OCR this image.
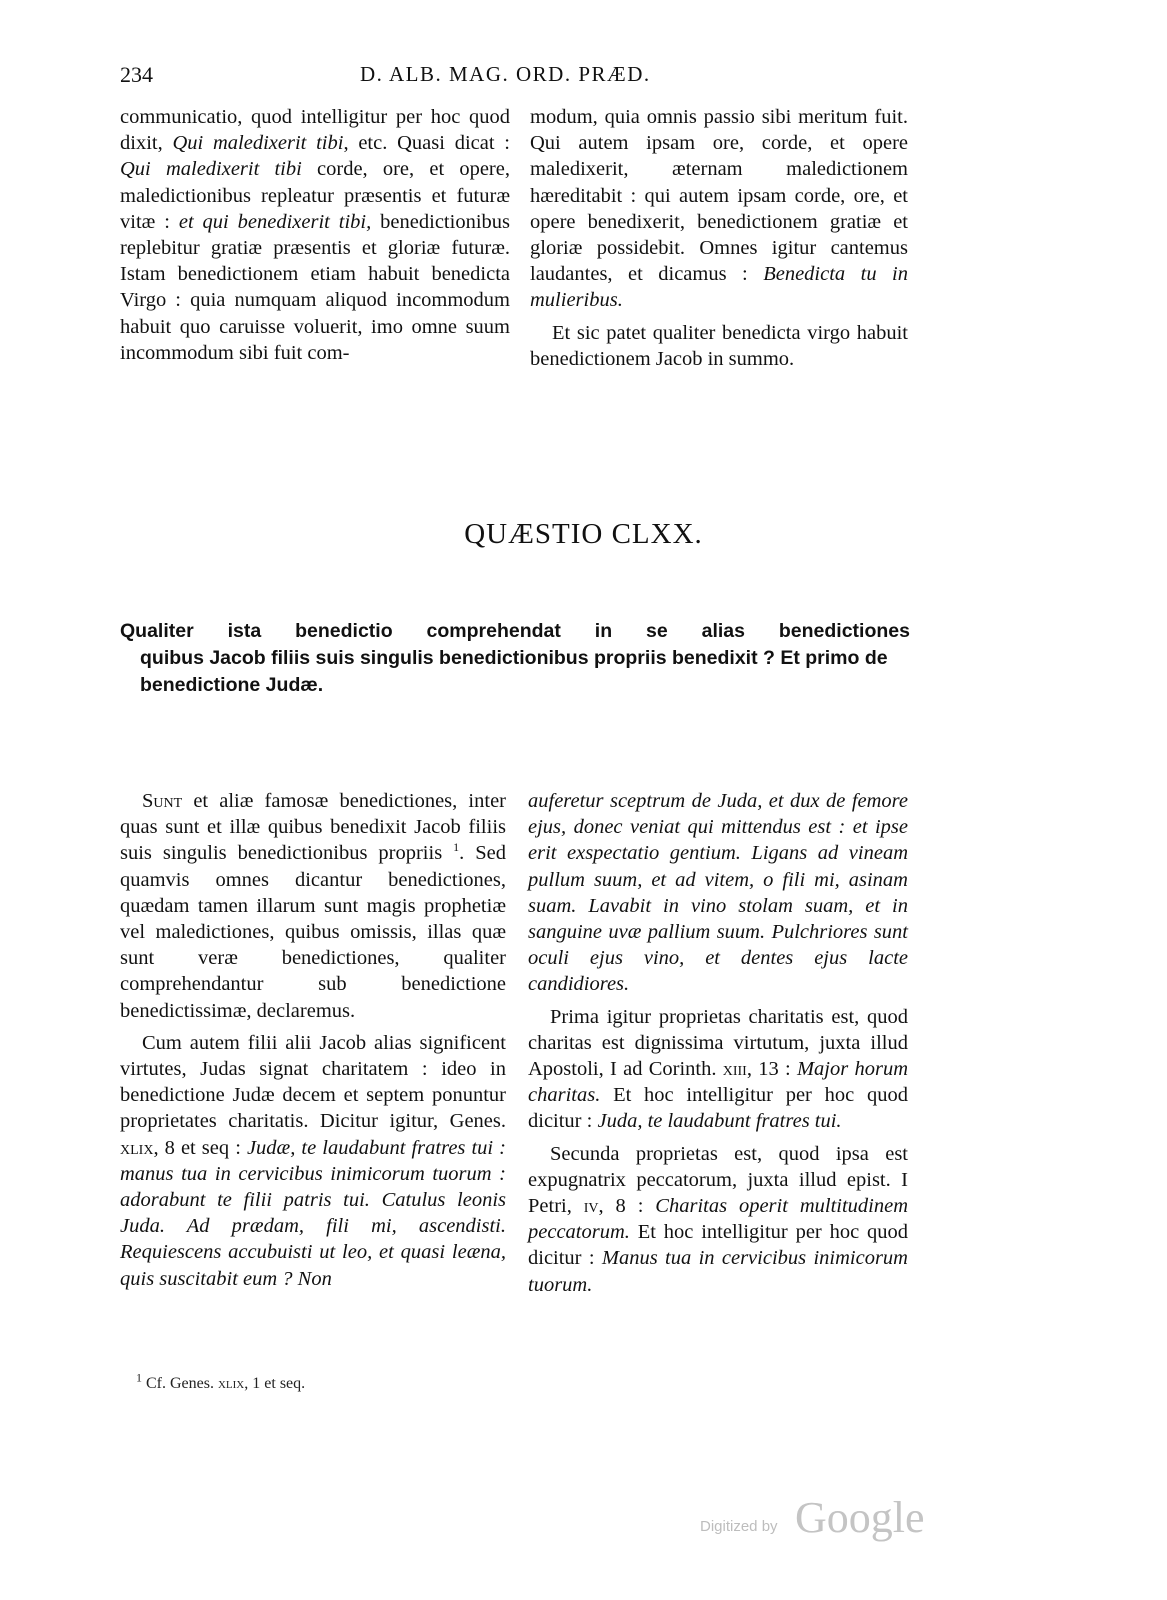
234	D. ALB. MAG. ORD. PRÆD.

communicatio, quod intelligitur per hoc quod dixit, Qui maledixerit tibi, etc. Quasi dicat : Qui maledixerit tibi corde, ore, et opere, maledictionibus repleatur præsentis et futuræ vitæ : et qui benedixerit tibi, benedictionibus replebitur gratiæ præsentis et gloriæ futuræ. Istam benedictionem etiam habuit benedicta Virgo : quia numquam aliquod incommodum habuit quo caruisse voluerit, imo omne suum incommodum sibi fuit com-

modum, quia omnis passio sibi meritum fuit. Qui autem ipsam ore, corde, et opere maledixerit, æternam maledictionem hæreditabit : qui autem ipsam corde, ore, et opere benedixerit, benedictionem gratiæ et gloriæ possidebit. Omnes igitur cantemus laudantes, et dicamus : Benedicta tu in mulieribus.

Et sic patet qualiter benedicta virgo habuit benedictionem Jacob in summo.

QUÆSTIO CLXX.
Qualiter ista benedictio comprehendat in se alias benedictiones
quibus Jacob filiis suis singulis benedictionibus propriis benedixit ? Et primo de benedictione Judæ.

Sunt et aliæ famosæ benedictiones, inter quas sunt et illæ quibus benedixit Jacob filiis suis singulis benedictionibus propriis $^1$. Sed quamvis omnes dicantur benedictiones, quædam tamen illarum sunt magis prophetiæ vel maledictiones, quibus omissis, illas quæ sunt veræ benedictiones, qualiter comprehendantur sub benedictione benedictissimæ, declaremus.

Cum autem filii alii Jacob alias significent virtutes, Judas signat charitatem : ideo in benedictione Judæ decem et septem ponuntur proprietates charitatis. Dicitur igitur, Genes. xlix, 8 et seq : Judæ, te laudabunt fratres tui : manus tua in cervicibus inimicorum tuorum : adorabunt te filii patris tui. Catulus leonis Juda. Ad prædam, fili mi, ascendisti. Requiescens accubuisti ut leo, et quasi leæna, quis suscitabit eum ? Non

auferetur sceptrum de Juda, et dux de femore ejus, donec veniat qui mittendus est : et ipse erit exspectatio gentium. Ligans ad vineam pullum suum, et ad vitem, o fili mi, asinam suam. Lavabit in vino stolam suam, et in sanguine uvæ pallium suum. Pulchriores sunt oculi ejus vino, et dentes ejus lacte candidiores.

Prima igitur proprietas charitatis est, quod charitas est dignissima virtutum, juxta illud Apostoli, I ad Corinth. xiii, 13 : Major horum charitas. Et hoc intelligitur per hoc quod dicitur : Juda, te laudabunt fratres tui.

Secunda proprietas est, quod ipsa est expugnatrix peccatorum, juxta illud epist. I Petri, iv, 8 : Charitas operit multitudinem peccatorum. Et hoc intelligitur per hoc quod dicitur : Manus tua in cervicibus inimicorum tuorum.

$^1$ Cf. Genes. xlix, 1 et seq.
Digitized by Google
